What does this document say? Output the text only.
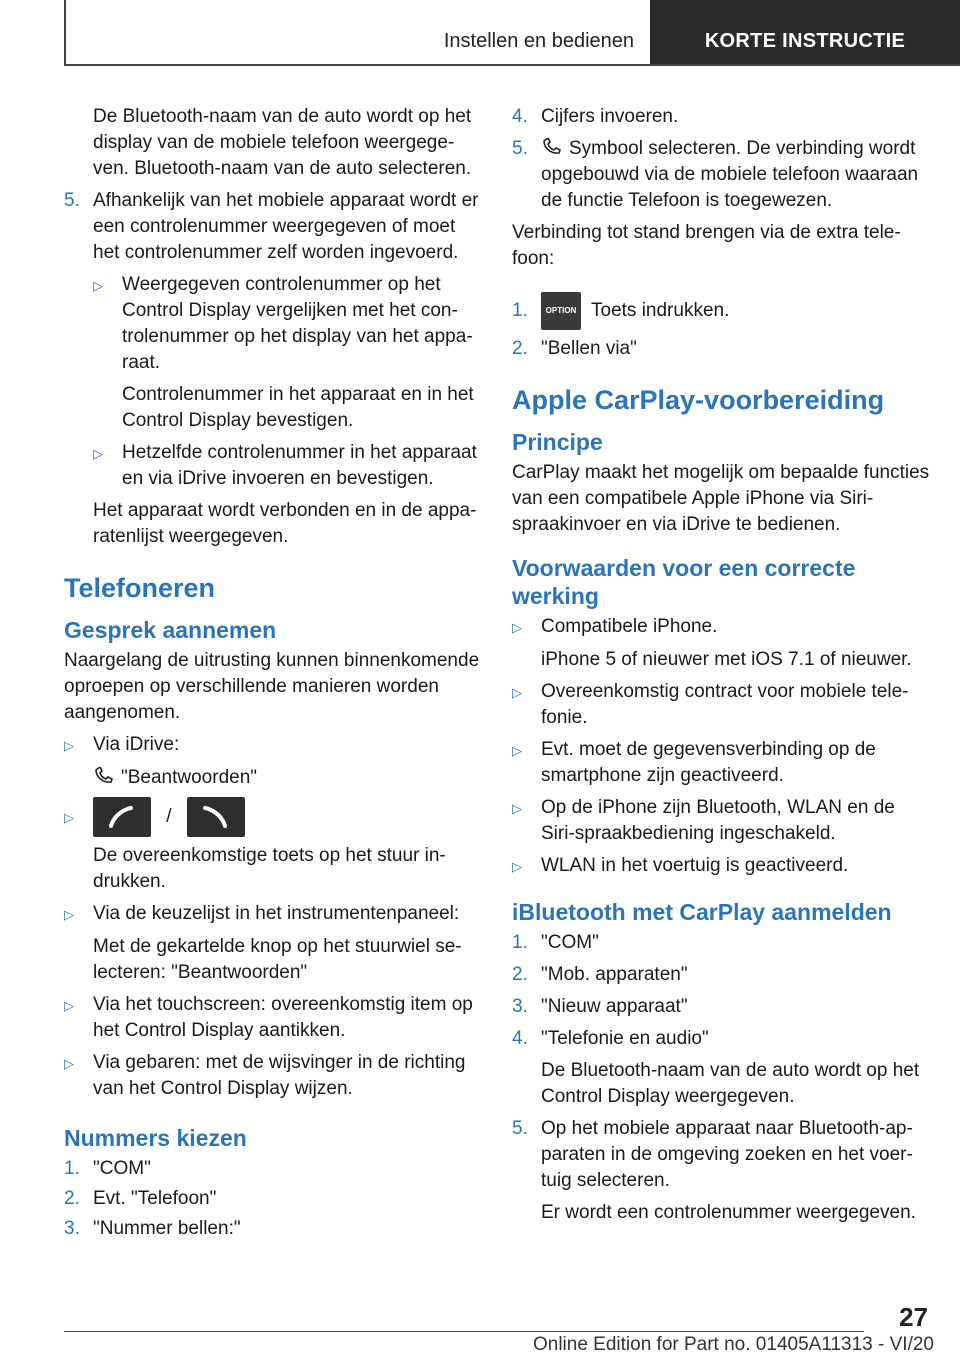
Instellen en bedienen	KORTE INSTRUCTIE

De Bluetooth-naam van de auto wordt op het display van de mobiele telefoon weergegeven. Bluetooth-naam van de auto selecteren.

5. Afhankelijk van het mobiele apparaat wordt er een controlenummer weergegeven of moet het controlenummer zelf worden ingevoerd.
▷	Weergegeven controlenummer op het Control Display vergelijken met het controlenummer op het display van het apparaat.

Controlenummer in het apparaat en in het Control Display bevestigen.

▷	Hetzelfde controlenummer in het apparaat en via iDrive invoeren en bevestigen.

Het apparaat wordt verbonden en in de apparatenlijst weergegeven.

Telefoneren
Gesprek aannemen

Naargelang de uitrusting kunnen binnenkomende oproepen op verschillende manieren worden aangenomen.

▷	Via iDrive:

"Beantwoorden"

▷	/

De overeenkomstige toets op het stuur indrukken.

▷	Via de keuzelijst in het instrumentenpaneel:

Met de gekartelde knop op het stuurwiel selecteren: "Beantwoorden"

▷	Via het touchscreen: overeenkomstig item op het Control Display aantikken.
▷	Via gebaren: met de wijsvinger in de richting van het Control Display wijzen.
Nummers kiezen
1. "COM"
2. Evt. "Telefoon"
3. "Nummer bellen:"
4. Cijfers invoeren.
5.	Symbool selecteren. De verbinding wordt opgebouwd via de mobiele telefoon waaraan de functie Telefoon is toegewezen.

Verbinding tot stand brengen via de extra telefoon:

1.	OPTION Toets indrukken.
2. "Bellen via"
Apple CarPlay-voorbereiding
Principe

CarPlay maakt het mogelijk om bepaalde functies van een compatibele Apple iPhone via Siri-spraakinvoer en via iDrive te bedienen.

Voorwaarden voor een correcte werking
▷	Compatibele iPhone.

iPhone 5 of nieuwer met iOS 7.1 of nieuwer.

▷	Overeenkomstig contract voor mobiele telefonie.
▷	Evt. moet de gegevensverbinding op de smartphone zijn geactiveerd.
▷	Op de iPhone zijn Bluetooth, WLAN en de Siri-spraakbediening ingeschakeld.
▷	WLAN in het voertuig is geactiveerd.
iBluetooth met CarPlay aanmelden
1. "COM"
2. "Mob. apparaten"
3. "Nieuw apparaat"
4. "Telefonie en audio"

De Bluetooth-naam van de auto wordt op het Control Display weergegeven.

5. Op het mobiele apparaat naar Bluetooth-apparaten in de omgeving zoeken en het voertuig selecteren.

Er wordt een controlenummer weergegeven.

27
Online Edition for Part no. 01405A11313 - VI/20
